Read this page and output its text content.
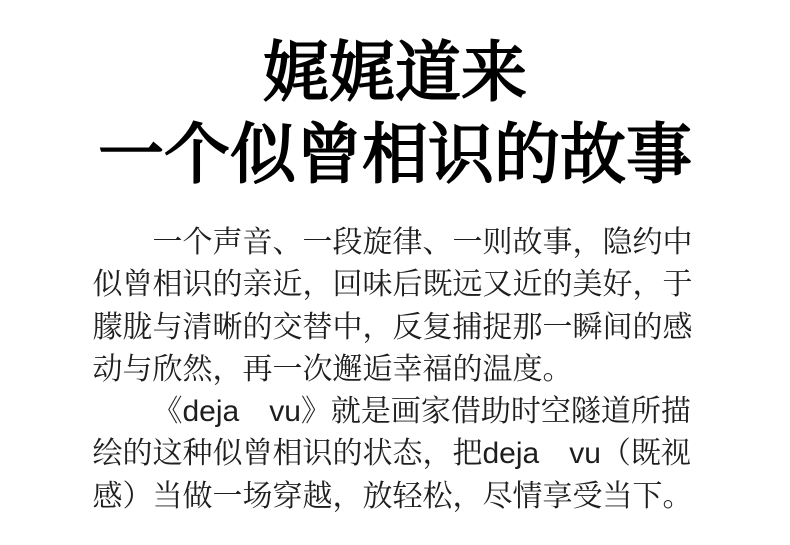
娓娓道来
一个似曾相识的故事

一个声音、一段旋律、一则故事，隐约中

似曾相识的亲近，回味后既远又近的美好，于

朦胧与清晰的交替中，反复捕捉那一瞬间的感

动与欣然，再一次邂逅幸福的温度。

《deja　vu》就是画家借助时空隧道所描

绘的这种似曾相识的状态，把deja　vu（既视

感）当做一场穿越，放轻松，尽情享受当下。
